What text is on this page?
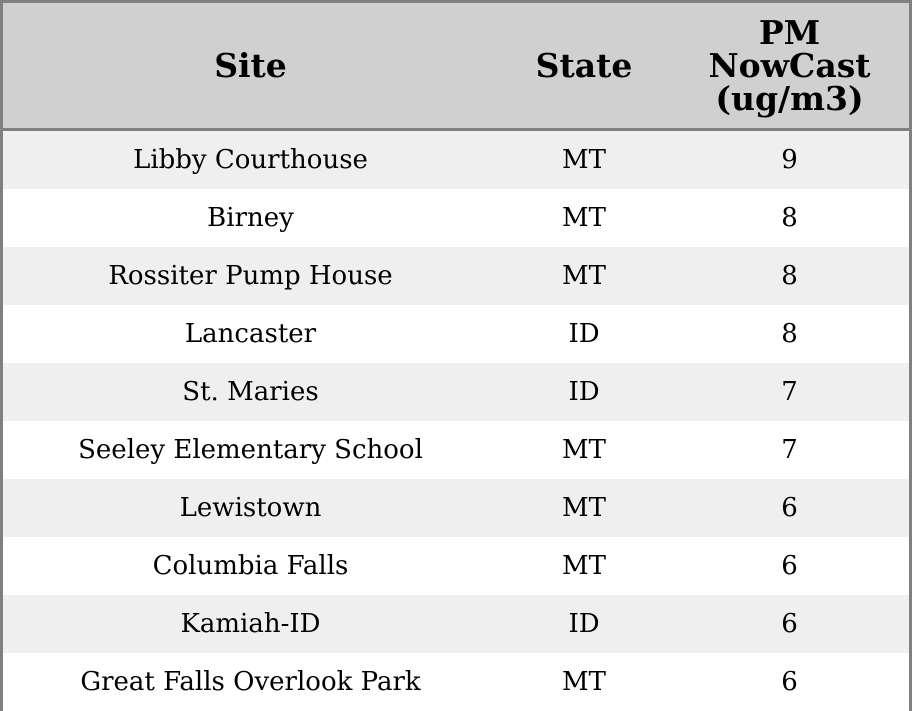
Site	State	PM
NowCast
(ug/m3)

Libby Courthouse	MT	9
Birney	MT	8
Rossiter Pump House	MT	8
Lancaster	ID	8
St. Maries	ID	7
Seeley Elementary School	MT	7
Lewistown	MT	6
Columbia Falls	MT	6
Kamiah-ID	ID	6
Great Falls Overlook Park	MT	6
